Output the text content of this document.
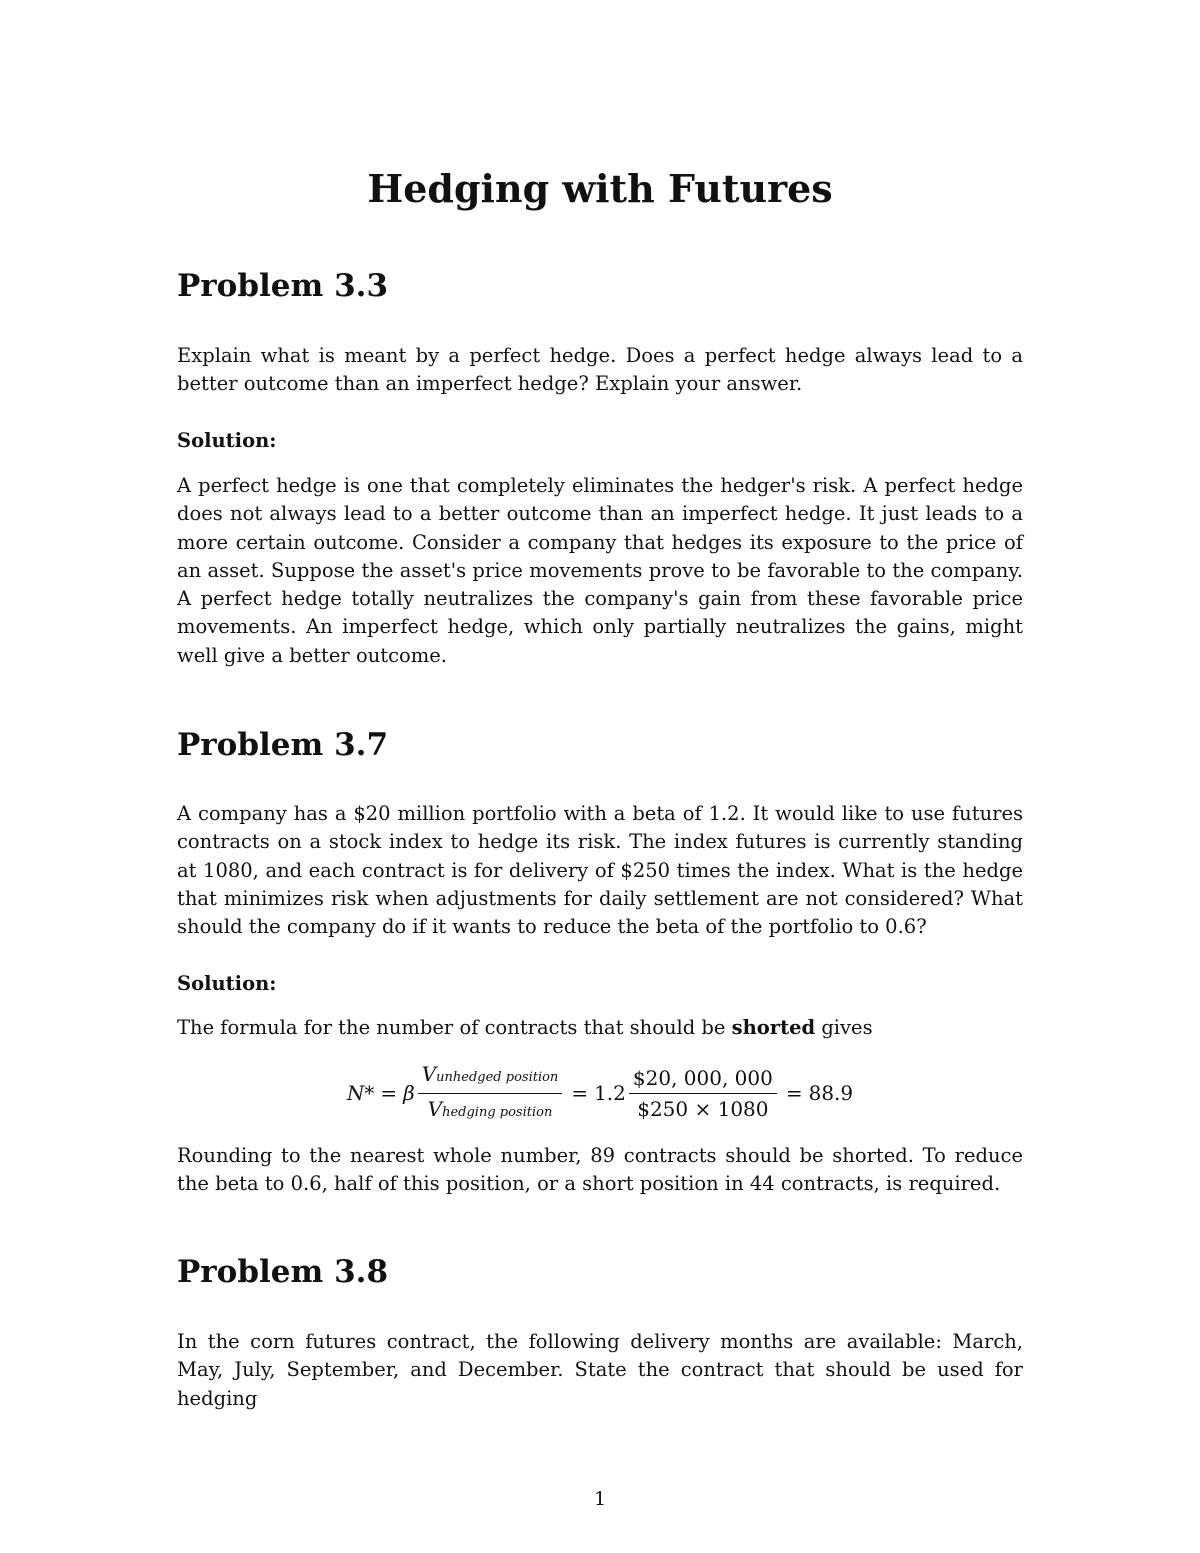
Hedging with Futures
Problem 3.3

Explain what is meant by a perfect hedge. Does a perfect hedge always lead to a better outcome than an imperfect hedge? Explain your answer.

Solution:

A perfect hedge is one that completely eliminates the hedger's risk. A perfect hedge does not always lead to a better outcome than an imperfect hedge. It just leads to a more certain outcome. Consider a company that hedges its exposure to the price of an asset. Suppose the asset's price movements prove to be favorable to the company. A perfect hedge totally neutralizes the company's gain from these favorable price movements. An imperfect hedge, which only partially neutralizes the gains, might well give a better outcome.

Problem 3.7

A company has a $20 million portfolio with a beta of 1.2. It would like to use futures contracts on a stock index to hedge its risk. The index futures is currently standing at 1080, and each contract is for delivery of $250 times the index. What is the hedge that minimizes risk when adjustments for daily settlement are not considered? What should the company do if it wants to reduce the beta of the portfolio to 0.6?

Solution:

The formula for the number of contracts that should be shorted gives

N* = β $\frac{\text{Vunhedged position}}{\text{Vhedging position}} = 1.2 \frac{\$20, 000, 000}{\$250 \times 1080} = 88.9$

Rounding to the nearest whole number, 89 contracts should be shorted. To reduce the beta to 0.6, half of this position, or a short position in 44 contracts, is required.

Problem 3.8

In the corn futures contract, the following delivery months are available: March, May, July, September, and December. State the contract that should be used for hedging

1
